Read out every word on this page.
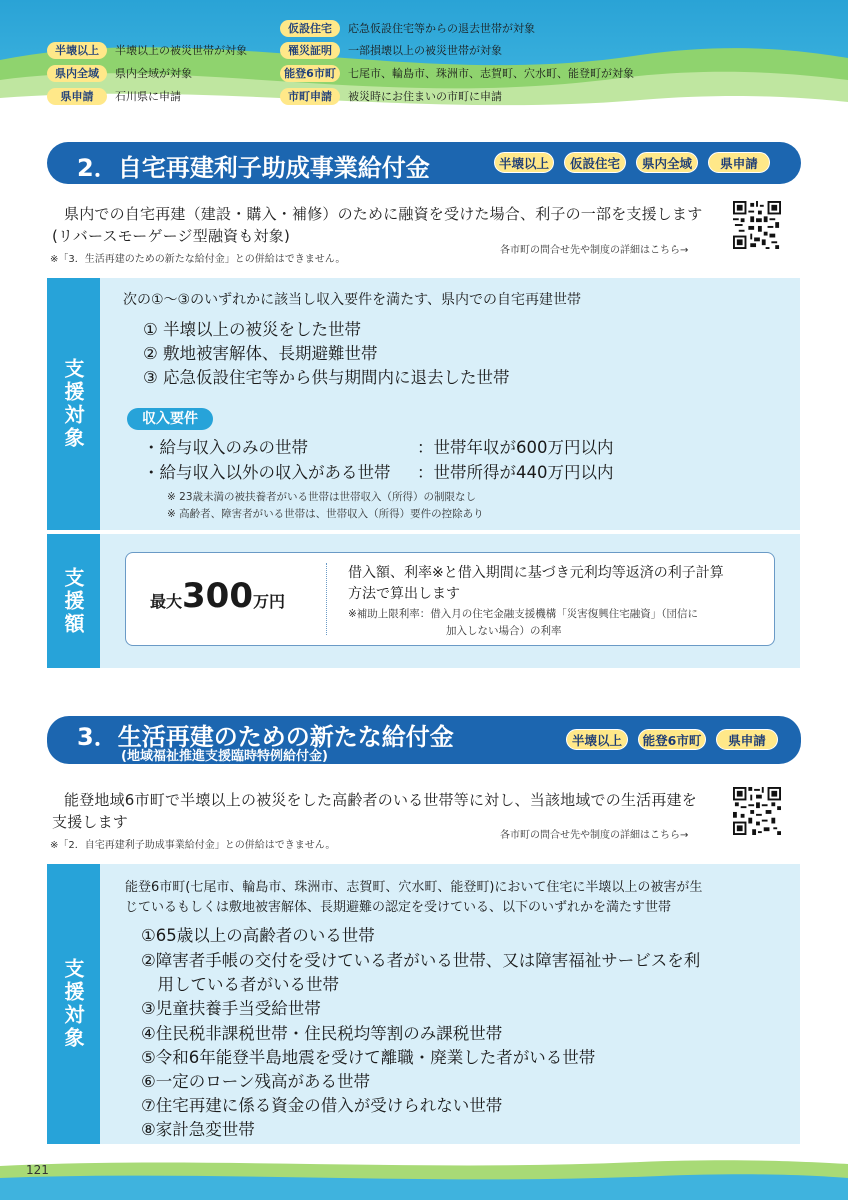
半壊以上	半壊以上の被災世帯が対象
県内全域	県内全域が対象
県申請	石川県に申請
仮設住宅	応急仮設住宅等からの退去世帯が対象
罹災証明	一部損壊以上の被災世帯が対象
能登6市町	七尾市、輪島市、珠洲市、志賀町、穴水町、能登町が対象
市町申請	被災時にお住まいの市町に申請
2．自宅再建利子助成事業給付金	半壊以上	仮設住宅	県内全域	県申請
県内での自宅再建（建設・購入・補修）のために融資を受けた場合、利子の一部を支援します
(リバースモーゲージ型融資も対象)
※「3．生活再建のための新たな給付金」との併給はできません。
各市町の問合せ先や制度の詳細はこちら→
支援対象
次の①～③のいずれかに該当し収入要件を満たす、県内での自宅再建世帯
① 半壊以上の被災をした世帯
② 敷地被害解体、長期避難世帯
③ 応急仮設住宅等から供与期間内に退去した世帯
収入要件
・給与収入のみの世帯	：世帯年収が600万円以内
・給与収入以外の収入がある世帯 ：世帯所得が440万円以内
※ 23歳未満の被扶養者がいる世帯は世帯収入（所得）の制限なし
※ 高齢者、障害者がいる世帯は、世帯収入（所得）要件の控除あり
支援額	最大300万円
借入額、利率※と借入期間に基づき元利均等返済の利子計算
方法で算出します
※補助上限利率：借入月の住宅金融支援機構「災害復興住宅融資」（団信に
加入しない場合）の利率
3．生活再建のための新たな給付金
(地域福祉推進支援臨時特例給付金)
半壊以上	能登6市町	県申請
能登地域6市町で半壊以上の被災をした高齢者のいる世帯等に対し、当該地域での生活再建を
支援します
※「2．自宅再建利子助成事業給付金」との併給はできません。
各市町の問合せ先や制度の詳細はこちら→
支援対象
能登6市町(七尾市、輪島市、珠洲市、志賀町、穴水町、能登町)において住宅に半壊以上の被害が生
じているもしくは敷地被害解体、長期避難の認定を受けている、以下のいずれかを満たす世帯
①65歳以上の高齢者のいる世帯
②障害者手帳の交付を受けている者がいる世帯、又は障害福祉サービスを利
　用している者がいる世帯
③児童扶養手当受給世帯
④住民税非課税世帯・住民税均等割のみ課税世帯
⑤令和6年能登半島地震を受けて離職・廃業した者がいる世帯
⑥一定のローン残高がある世帯
⑦住宅再建に係る資金の借入が受けられない世帯
⑧家計急変世帯
121
